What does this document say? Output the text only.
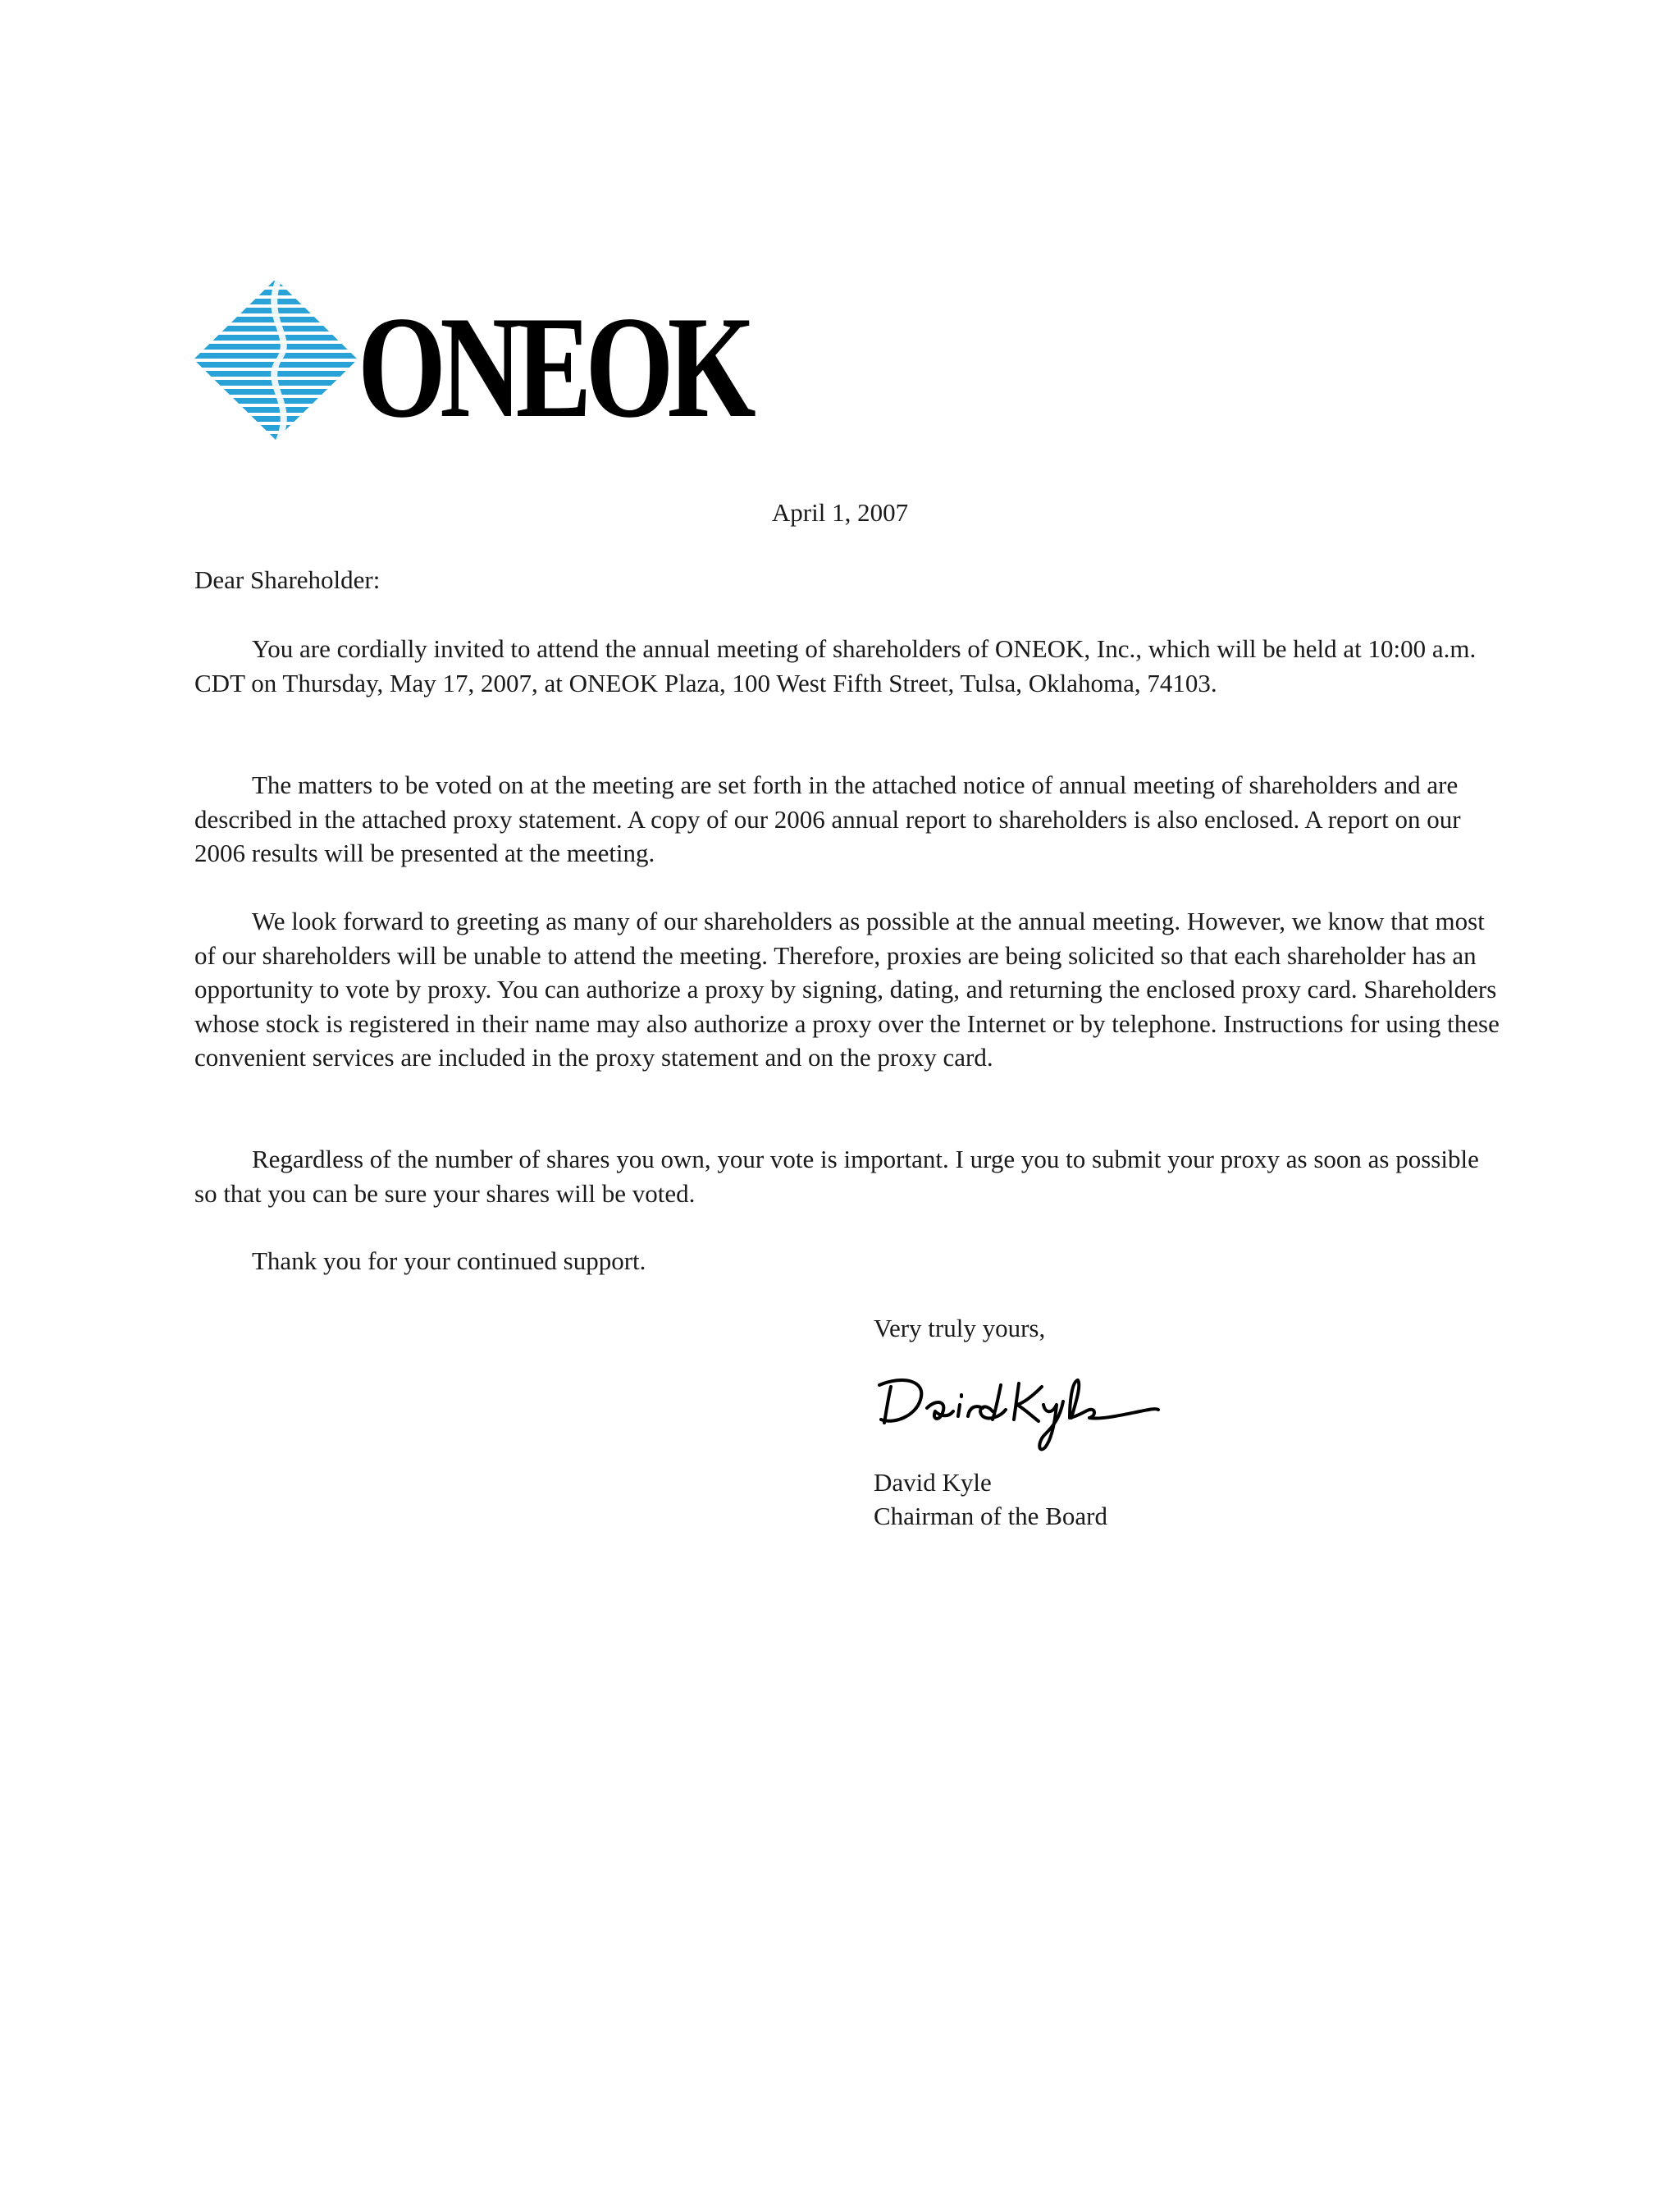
ONEOK
April 1, 2007
Dear Shareholder:

You are cordially invited to attend the annual meeting of shareholders of ONEOK, Inc., which will be held at 10:00 a.m. CDT on Thursday, May 17, 2007, at ONEOK Plaza, 100 West Fifth Street, Tulsa, Oklahoma, 74103.

The matters to be voted on at the meeting are set forth in the attached notice of annual meeting of shareholders and are described in the attached proxy statement. A copy of our 2006 annual report to shareholders is also enclosed. A report on our 2006 results will be presented at the meeting.

We look forward to greeting as many of our shareholders as possible at the annual meeting. However, we know that most of our shareholders will be unable to attend the meeting. Therefore, proxies are being solicited so that each shareholder has an opportunity to vote by proxy. You can authorize a proxy by signing, dating, and returning the enclosed proxy card. Shareholders whose stock is registered in their name may also authorize a proxy over the Internet or by telephone. Instructions for using these convenient services are included in the proxy statement and on the proxy card.

Regardless of the number of shares you own, your vote is important. I urge you to submit your proxy as soon as possible so that you can be sure your shares will be voted.

Thank you for your continued support.

Very truly yours,
David Kyle
Chairman of the Board
